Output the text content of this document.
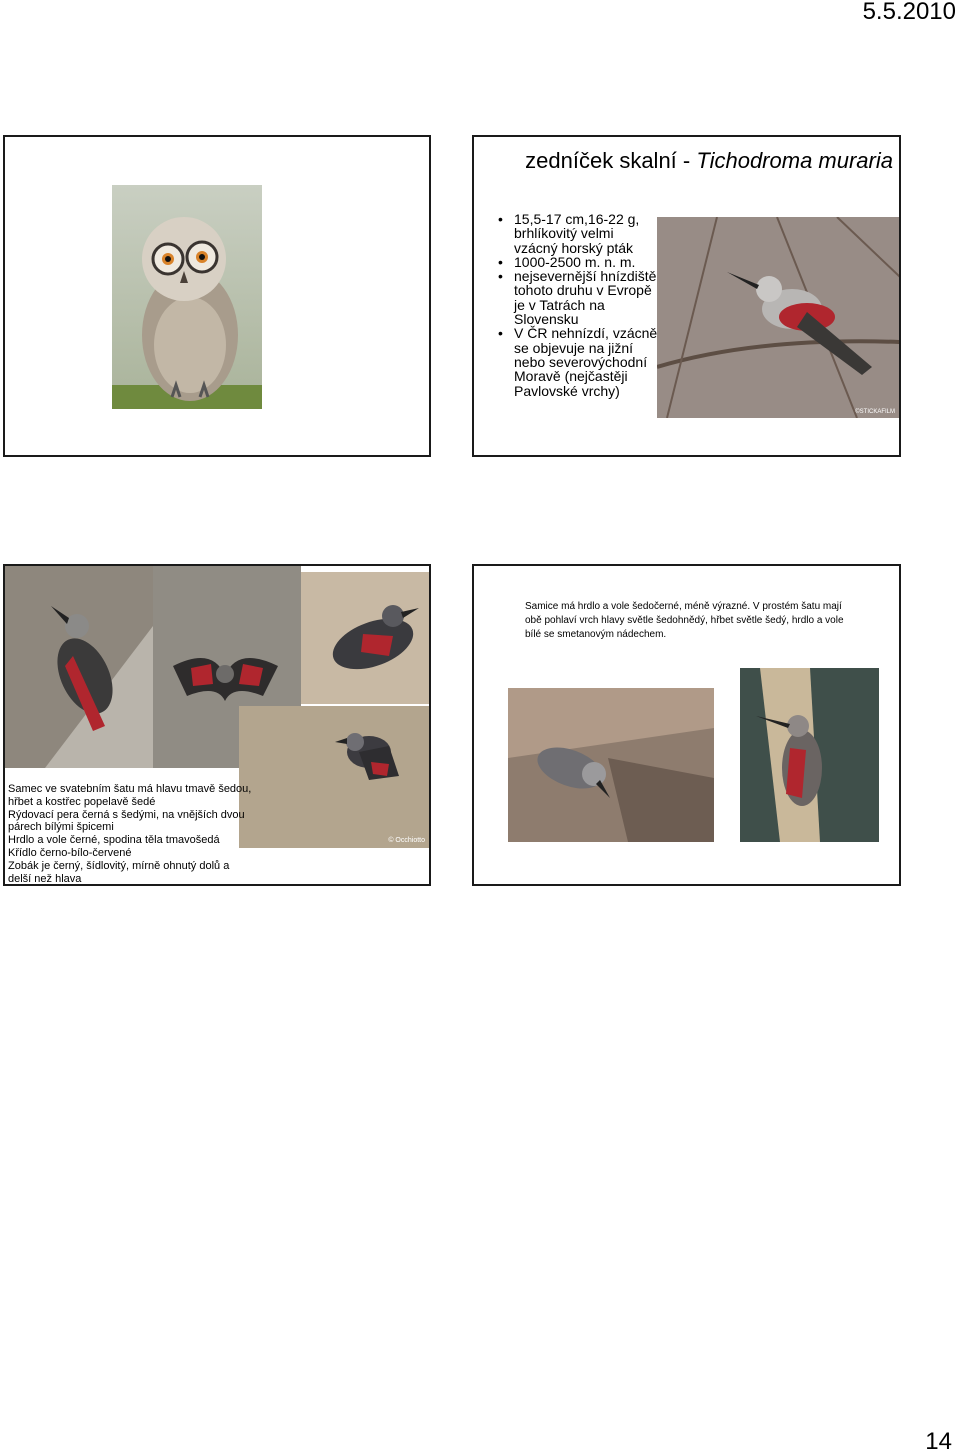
5.5.2010
zedníček skalní - Tichodroma muraria
• 15,5-17 cm,16-22 g, brhlíkovitý velmi vzácný horský pták
• 1000-2500 m. n. m.
• nejsevernější hnízdiště tohoto druhu v Evropě je v Tatrách na Slovensku
• V ČR nehnízdí, vzácně se objevuje na jižní nebo severovýchodní Moravě (nejčastěji Pavlovské vrchy)
©STICKAFILM
© Occhiotto
Samec ve svatebním šatu má hlavu tmavě šedou,
hřbet a kostřec popelavě šedé
Rýdovací pera černá s šedými, na vnějších dvou
párech bílými špicemi
Hrdlo a vole černé, spodina těla tmavošedá
Křídlo černo-bílo-červené
Zobák je černý, šídlovitý, mírně ohnutý dolů a
delší než hlava
Samice má hrdlo a vole šedočerné, méně výrazné. V prostém šatu mají obě pohlaví vrch hlavy světle šedohnědý, hřbet světle šedý, hrdlo a vole bílé se smetanovým nádechem.
14
